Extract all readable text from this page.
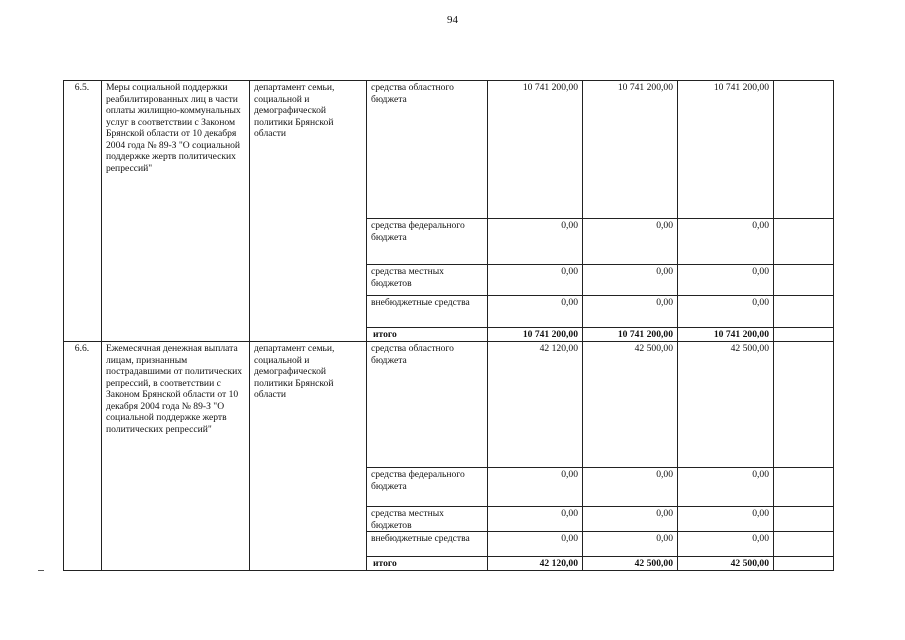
94
6.5.	Меры социальной поддержки реабилитированных лиц в части оплаты жилищно-коммунальных услуг в соответствии с Законом Брянской области от 10 декабря 2004 года № 89-З "О социальной поддержке жертв политических репрессий"	департамент семьи, социальной и демографической политики Брянской области	средства областного бюджета	10 741 200,00	10 741 200,00	10 741 200,00	
			средства федерального бюджета	0,00	0,00	0,00	
			средства местных бюджетов	0,00	0,00	0,00	
			внебюджетные средства	0,00	0,00	0,00	
			итого	10 741 200,00	10 741 200,00	10 741 200,00	
6.6.	Ежемесячная денежная выплата лицам, признанным пострадавшими от политических репрессий, в соответствии с Законом Брянской области от 10 декабря 2004 года № 89-З "О социальной поддержке жертв политических репрессий"	департамент семьи, социальной и демографической политики Брянской области	средства областного бюджета	42 120,00	42 500,00	42 500,00	
			средства федерального бюджета	0,00	0,00	0,00	
			средства местных бюджетов	0,00	0,00	0,00	
			внебюджетные средства	0,00	0,00	0,00	
			итого	42 120,00	42 500,00	42 500,00	
